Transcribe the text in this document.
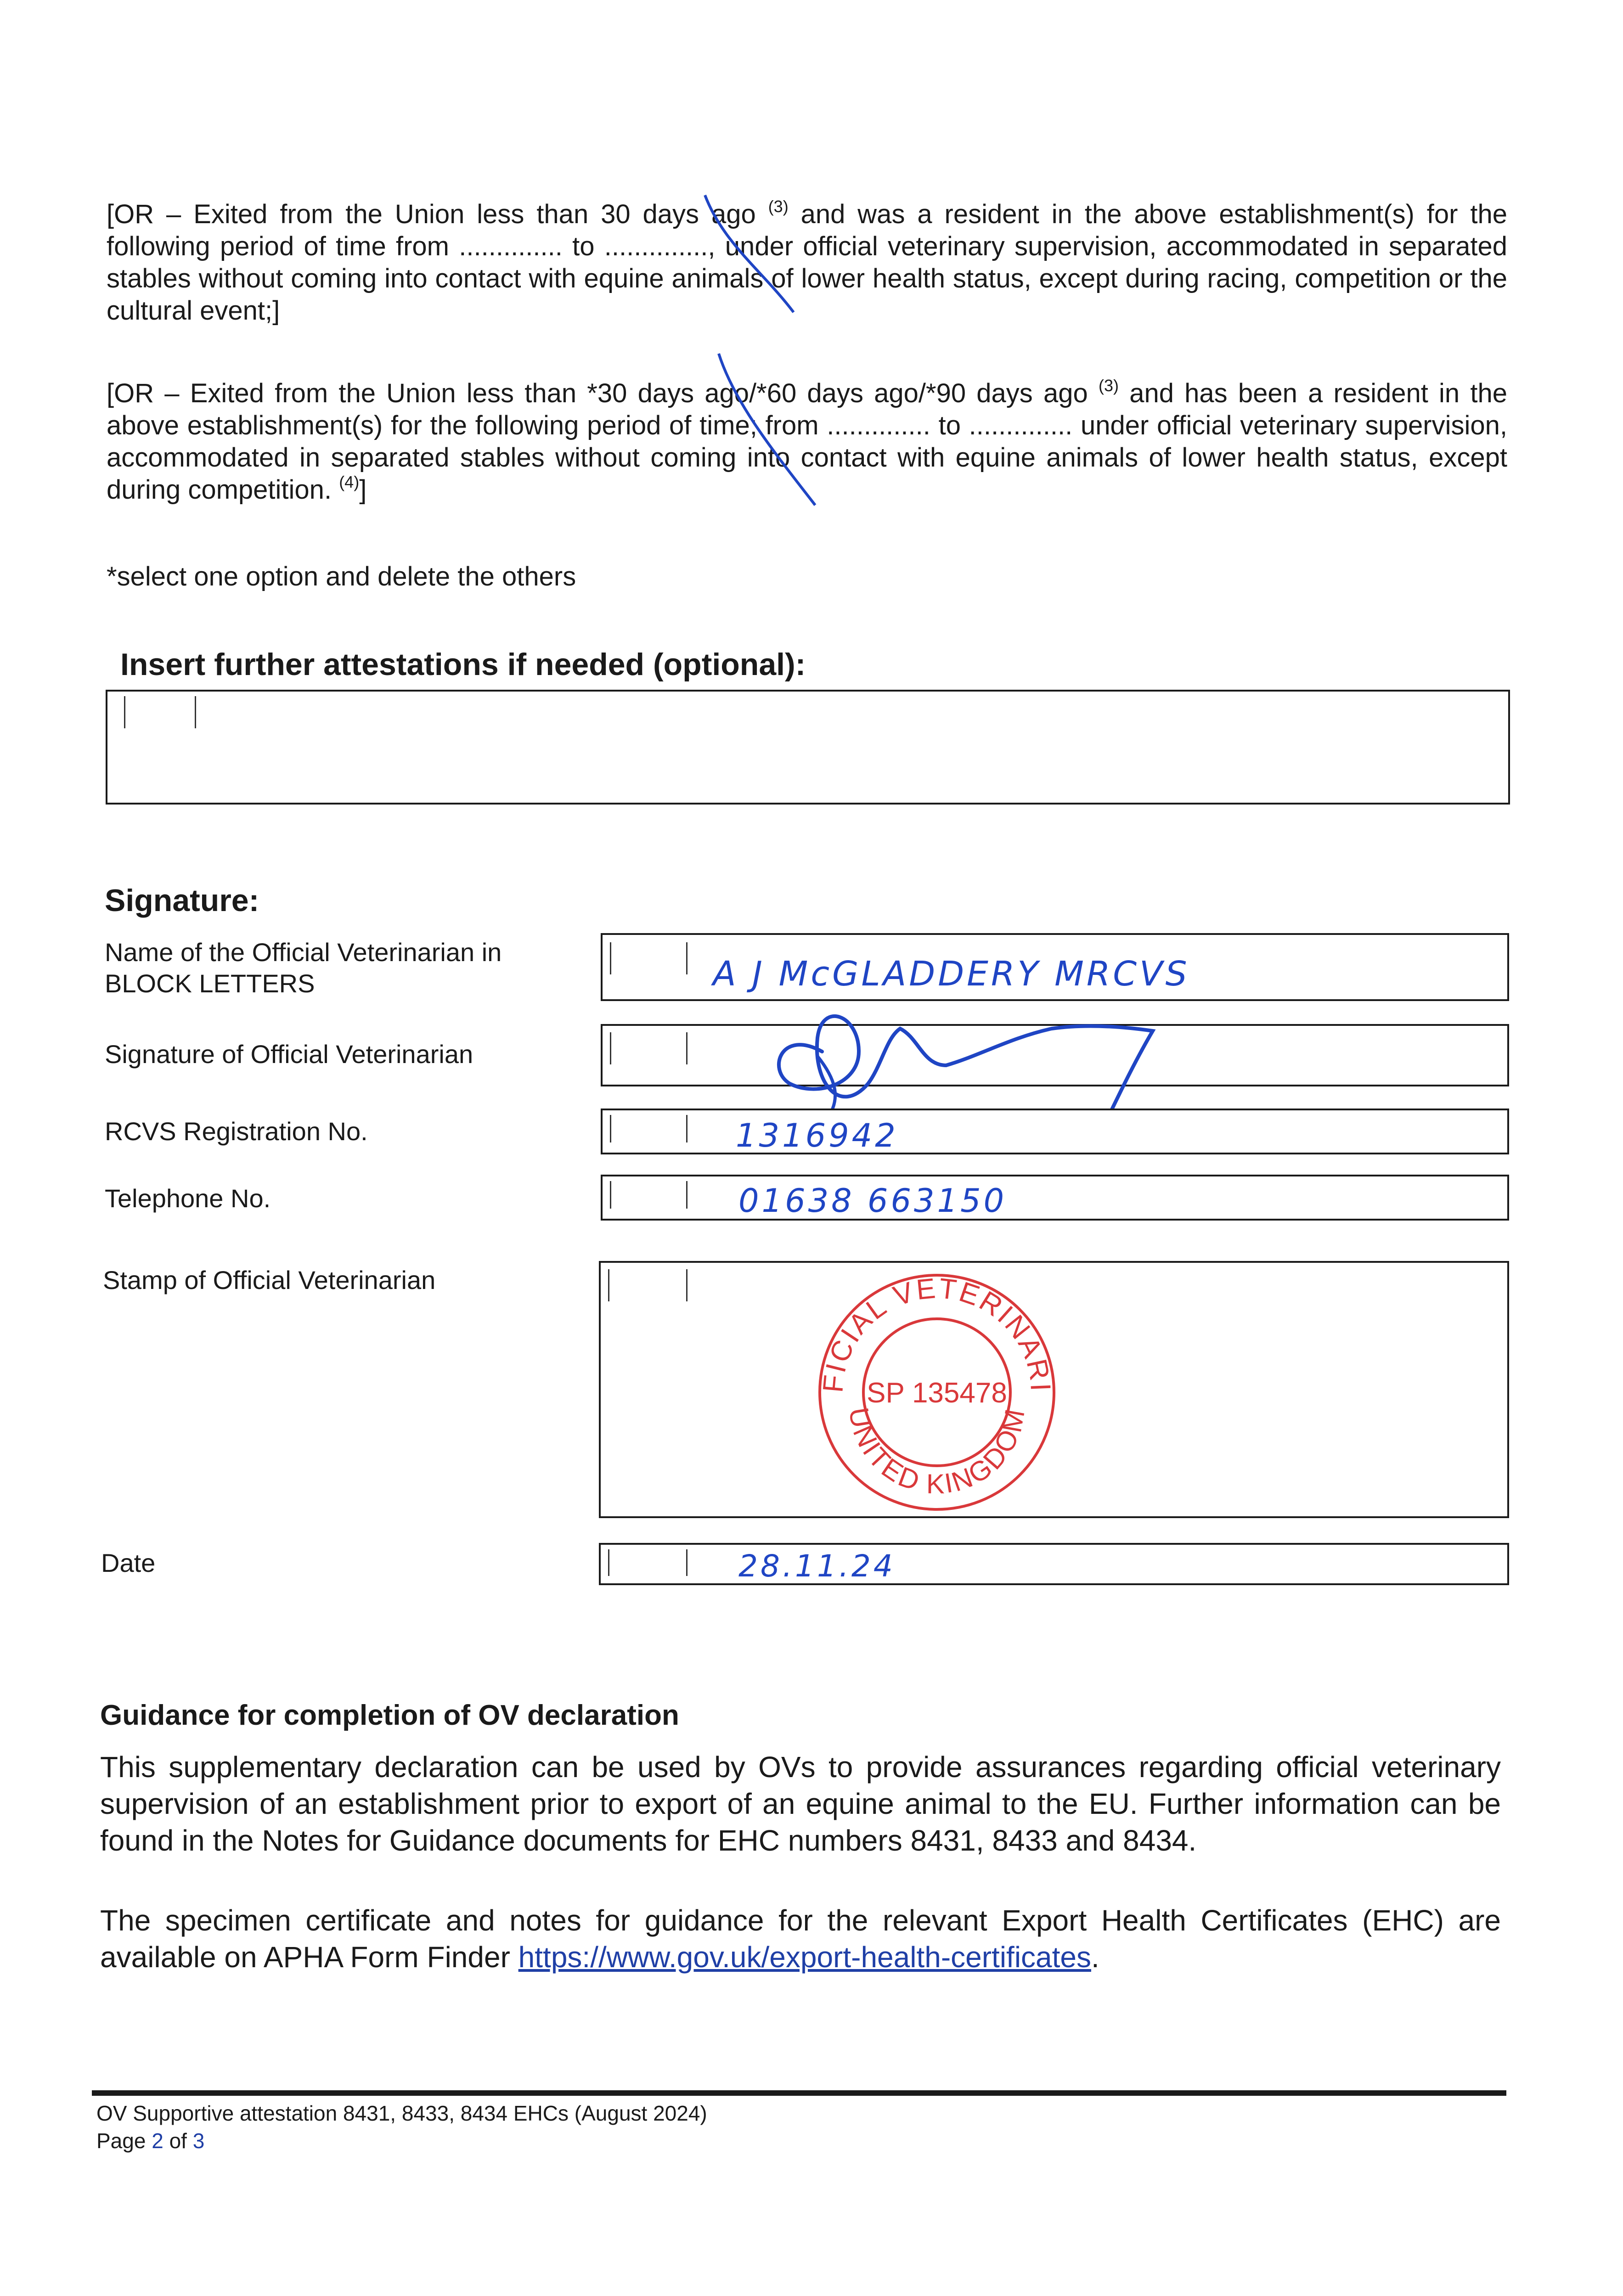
[OR – Exited from the Union less than 30 days ago $^{(3)}$ and was a resident in the above establishment(s) for the following period of time from .............. to .............., under official veterinary supervision, accommodated in separated stables without coming into contact with equine animals of lower health status, except during racing, competition or the cultural event;]
[OR – Exited from the Union less than *30 days ago/*60 days ago/*90 days ago $^{(3)}$ and has been a resident in the above establishment(s) for the following period of time; from .............. to .............. under official veterinary supervision, accommodated in separated stables without coming into contact with equine animals of lower health status, except during competition. $^{(4)}$]
*select one option and delete the others
Insert further attestations if needed (optional):
Signature:
Name of the Official Veterinarian in BLOCK LETTERS	A J McGLADDERY MRCVS
Signature of Official Veterinarian
RCVS Registration No.	1316942
Telephone No.	01638 663150
Stamp of Official Veterinarian
OFFICIAL VETERINARIAN
UNITED KINGDOM
SP 135478
Date	28.11.24
Guidance for completion of OV declaration
This supplementary declaration can be used by OVs to provide assurances regarding official veterinary supervision of an establishment prior to export of an equine animal to the EU. Further information can be found in the Notes for Guidance documents for EHC numbers 8431, 8433 and 8434.
The specimen certificate and notes for guidance for the relevant Export Health Certificates (EHC) are available on APHA Form Finder https://www.gov.uk/export-health-certificates.
OV Supportive attestation 8431, 8433, 8434 EHCs (August 2024)
Page 2 of 3
